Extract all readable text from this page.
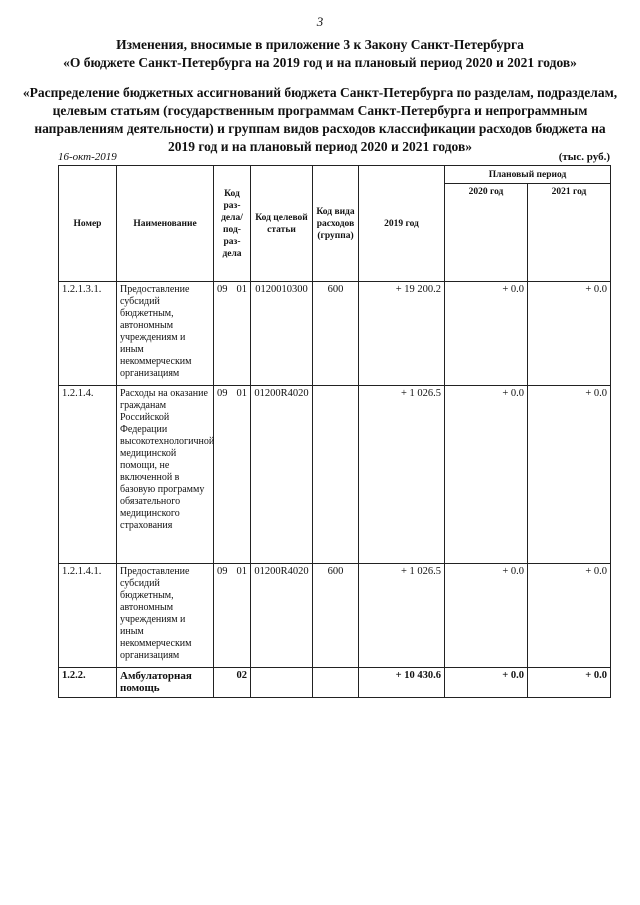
3
Изменения, вносимые в приложение 3 к Закону Санкт-Петербурга
«О бюджете Санкт-Петербурга на 2019 год и на плановый период 2020 и 2021 годов»
«Распределение бюджетных ассигнований бюджета Санкт-Петербурга по разделам, подразделам, целевым статьям (государственным программам Санкт-Петербурга и непрограммным направлениям деятельности) и группам видов расходов классификации расходов бюджета на 2019 год и на плановый период 2020 и 2021 годов»
16-окт-2019	(тыс. руб.)
Номер	Наименование	Код раз-дела/ под-раз-дела	Код целевой статьи	Код вида расходов (группа)	2019 год	Плановый период	
						2020 год	2021 год
1.2.1.3.1.	Предоставление субсидий бюджетным, автономным учреждениям и иным некоммерческим организациям	09 01	0120010300	600	+ 19 200.2	+ 0.0	+ 0.0
1.2.1.4.	Расходы на оказание гражданам Российской Федерации высокотехнологичной медицинской помощи, не включенной в базовую программу обязательного медицинского страхования	09 01	01200R4020		+ 1 026.5	+ 0.0	+ 0.0
1.2.1.4.1.	Предоставление субсидий бюджетным, автономным учреждениям и иным некоммерческим организациям	09 01	01200R4020	600	+ 1 026.5	+ 0.0	+ 0.0
1.2.2.	Амбулаторная помощь	02			+ 10 430.6	+ 0.0	+ 0.0
